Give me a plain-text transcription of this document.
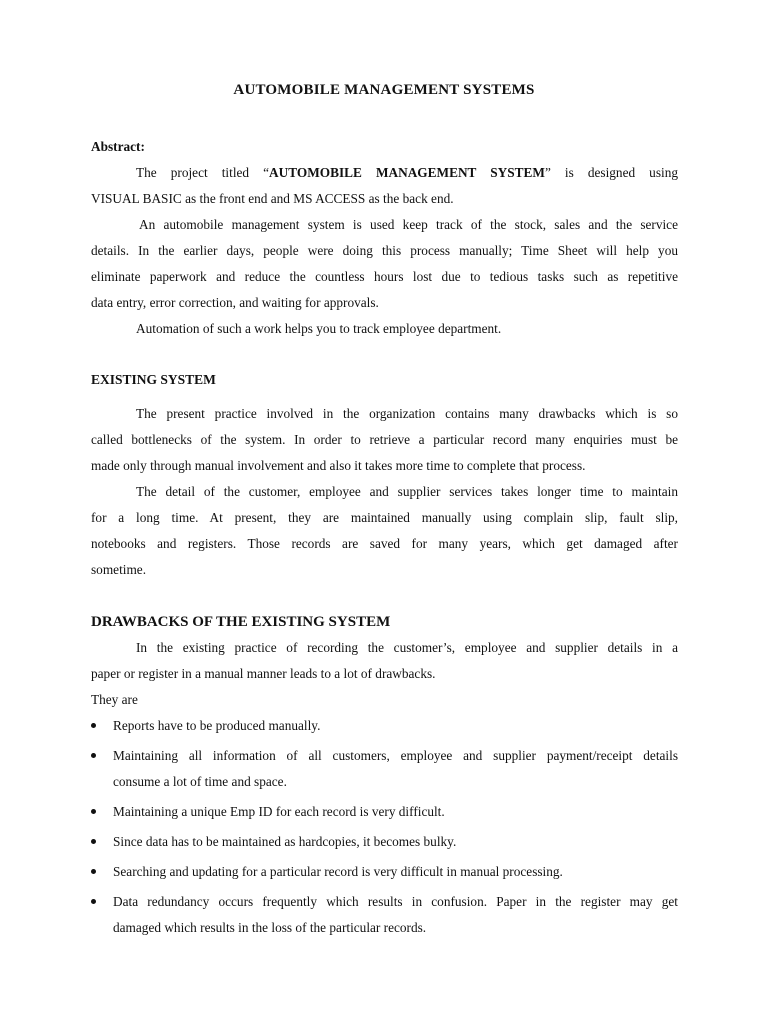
AUTOMOBILE MANAGEMENT SYSTEMS
Abstract:
The project titled “AUTOMOBILE MANAGEMENT SYSTEM” is designed using
VISUAL BASIC as the front end and MS ACCESS as the back end.
An automobile management system is used keep track of the stock, sales and the service
details. In the earlier days, people were doing this process manually; Time Sheet will help you
eliminate paperwork and reduce the countless hours lost due to tedious tasks such as repetitive
data entry, error correction, and waiting for approvals.
Automation of such a work helps you to track employee department.
EXISTING SYSTEM
The present practice involved in the organization contains many drawbacks which is so
called bottlenecks of the system. In order to retrieve a particular record many enquiries must be
made only through manual involvement and also it takes more time to complete that process.
The detail of the customer, employee and supplier services takes longer time to maintain
for a long time. At present, they are maintained manually using complain slip, fault slip,
notebooks and registers. Those records are saved for many years, which get damaged after
sometime.
DRAWBACKS OF THE EXISTING SYSTEM
In the existing practice of recording the customer’s, employee and supplier details in a
paper or register in a manual manner leads to a lot of drawbacks.
They are
Reports have to be produced manually.
Maintaining all information of all customers, employee and supplier payment/receipt details
consume a lot of time and space.
Maintaining a unique Emp ID for each record is very difficult.
Since data has to be maintained as hardcopies, it becomes bulky.
Searching and updating for a particular record is very difficult in manual processing.
Data redundancy occurs frequently which results in confusion. Paper in the register may get
damaged which results in the loss of the particular records.
